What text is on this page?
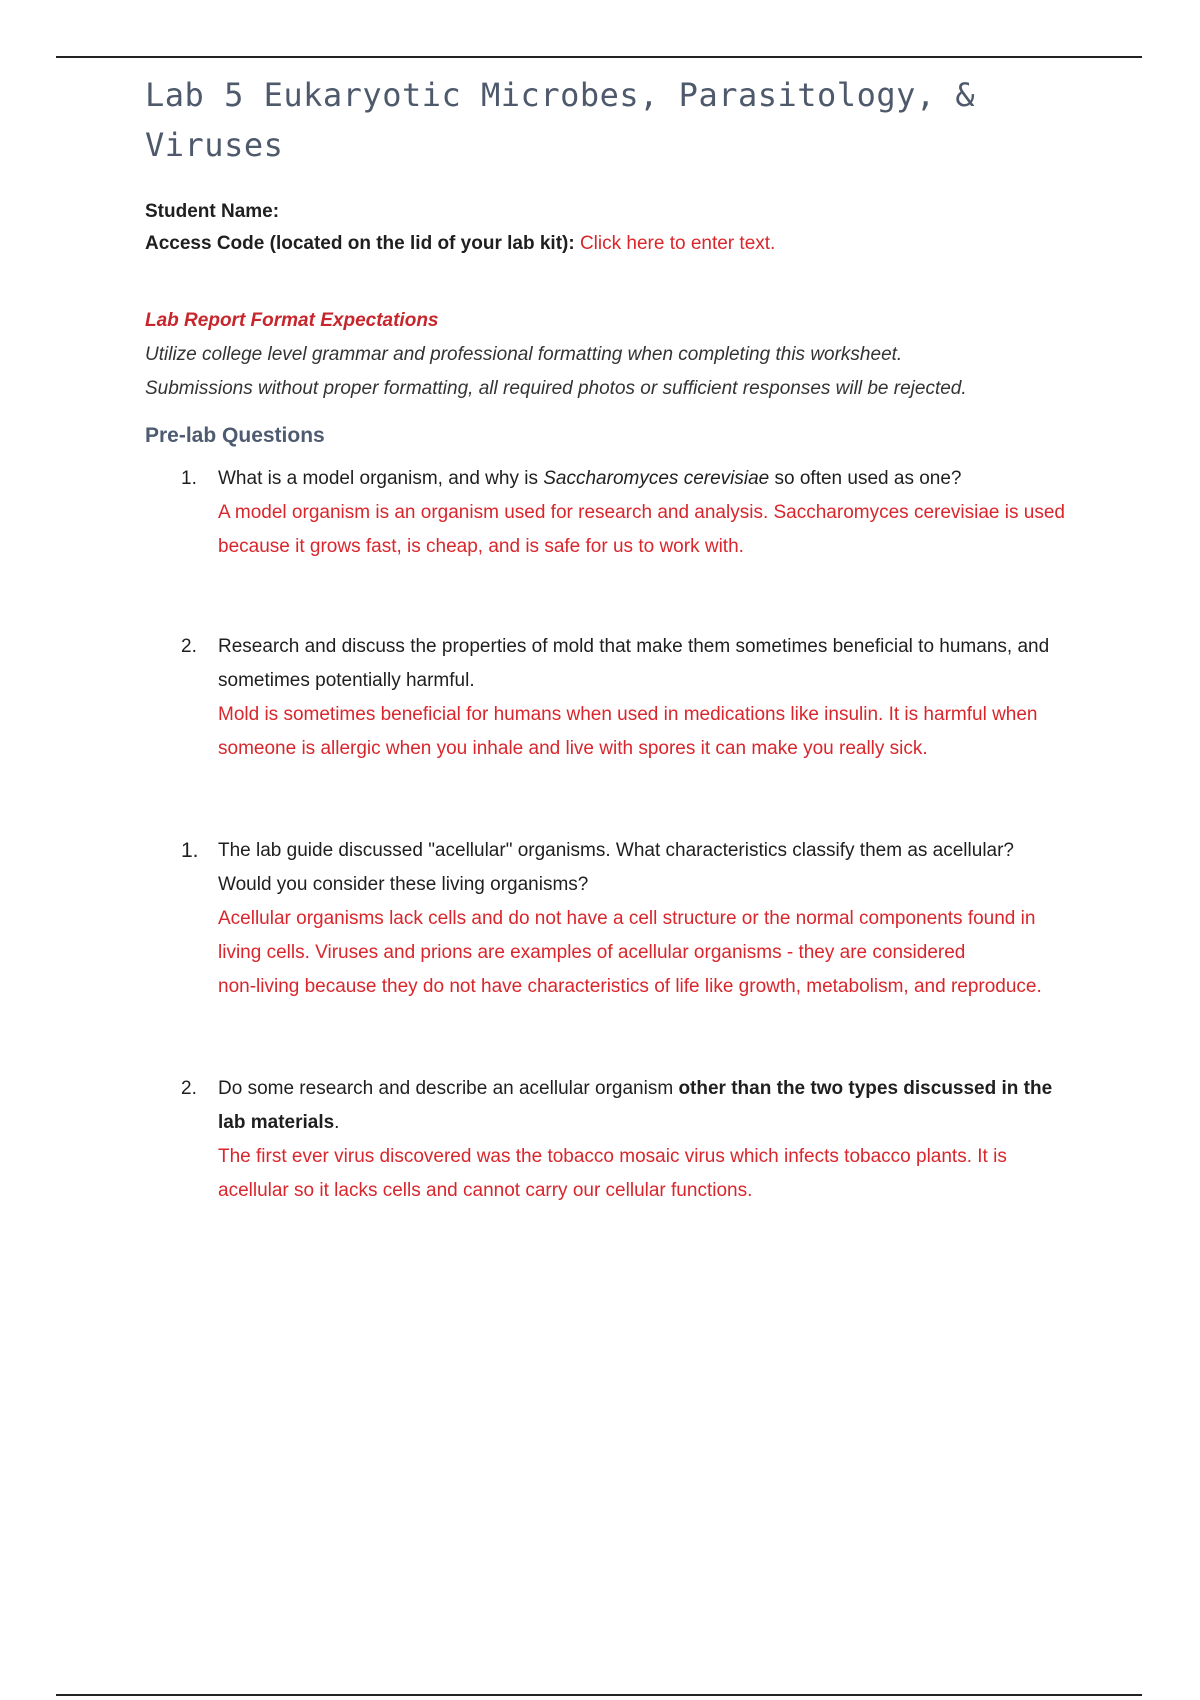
Lab 5 Eukaryotic Microbes, Parasitology, & Viruses
Student Name:
Access Code (located on the lid of your lab kit): Click here to enter text.
Lab Report Format Expectations
Utilize college level grammar and professional formatting when completing this worksheet.
Submissions without proper formatting, all required photos or sufficient responses will be rejected.
Pre-lab Questions
1. What is a model organism, and why is Saccharomyces cerevisiae so often used as one?
A model organism is an organism used for research and analysis. Saccharomyces cerevisiae is used because it grows fast, is cheap, and is safe for us to work with.
2. Research and discuss the properties of mold that make them sometimes beneficial to humans, and sometimes potentially harmful.
Mold is sometimes beneficial for humans when used in medications like insulin. It is harmful when someone is allergic when you inhale and live with spores it can make you really sick.
1. The lab guide discussed "acellular" organisms. What characteristics classify them as acellular? Would you consider these living organisms?
Acellular organisms lack cells and do not have a cell structure or the normal components found in living cells. Viruses and prions are examples of acellular organisms - they are considered
non-living because they do not have characteristics of life like growth, metabolism, and reproduce.
2. Do some research and describe an acellular organism other than the two types discussed in the lab materials.
The first ever virus discovered was the tobacco mosaic virus which infects tobacco plants. It is acellular so it lacks cells and cannot carry our cellular functions.
